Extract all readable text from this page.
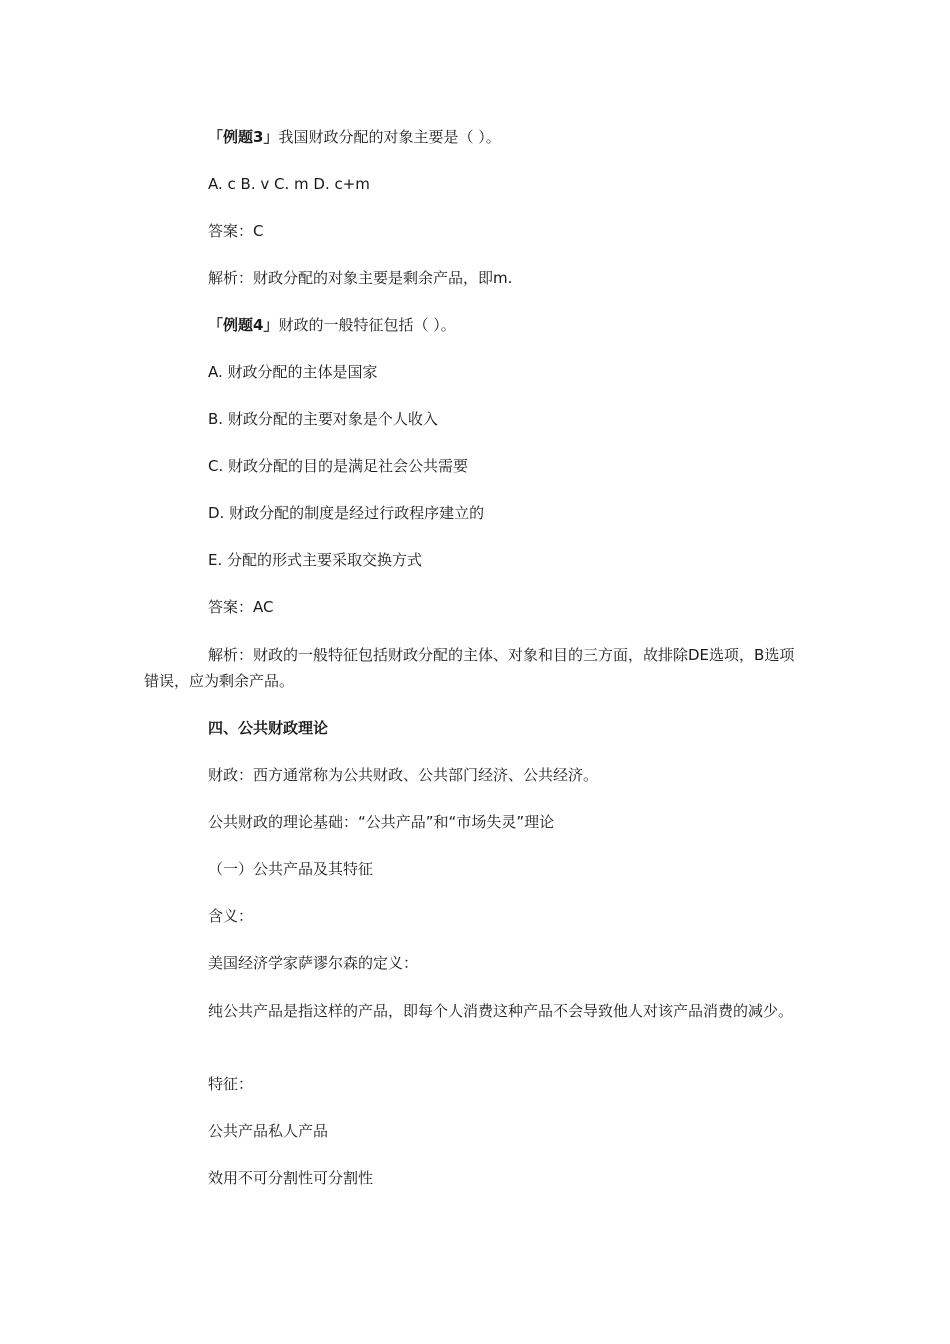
「例题3」我国财政分配的对象主要是（ ）。

A. c B. v C. m D. c+m

答案：C

解析：财政分配的对象主要是剩余产品，即m.

「例题4」财政的一般特征包括（ ）。

A. 财政分配的主体是国家

B. 财政分配的主要对象是个人收入

C. 财政分配的目的是满足社会公共需要

D. 财政分配的制度是经过行政程序建立的

E. 分配的形式主要采取交换方式

答案：AC

解析：财政的一般特征包括财政分配的主体、对象和目的三方面，故排除DE选项，B选项错误，应为剩余产品。

四、公共财政理论

财政：西方通常称为公共财政、公共部门经济、公共经济。

公共财政的理论基础：“公共产品”和“市场失灵”理论

（一）公共产品及其特征

含义：

美国经济学家萨谬尔森的定义：

纯公共产品是指这样的产品，即每个人消费这种产品不会导致他人对该产品消费的减少。

特征：

公共产品私人产品

效用不可分割性可分割性
